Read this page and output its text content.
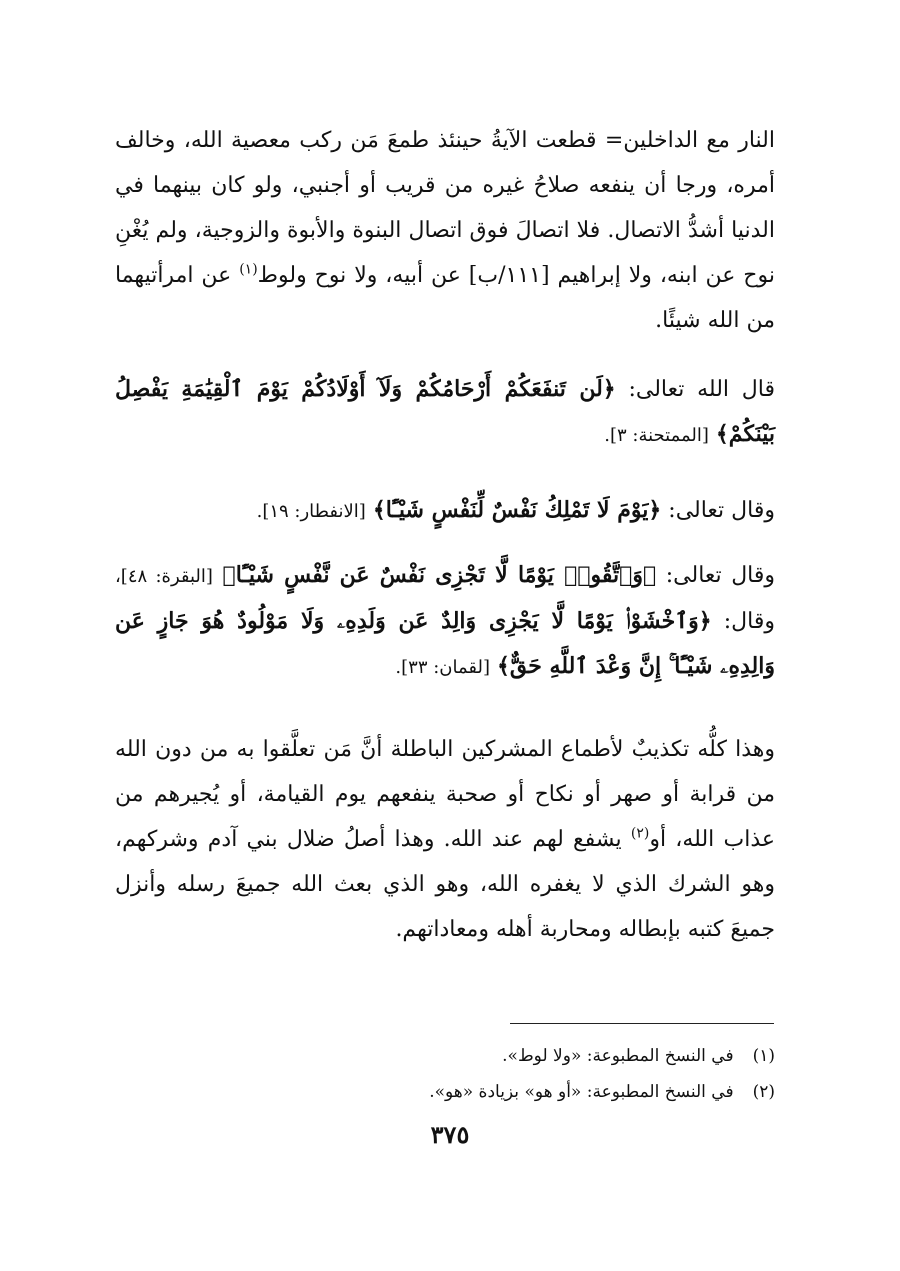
النار مع الداخلين= قطعت الآيةُ حينئذ طمعَ مَن ركب معصية الله، وخالف أمره، ورجا أن ينفعه صلاحُ غيره من قريب أو أجنبي، ولو كان بينهما في الدنيا أشدُّ الاتصال. فلا اتصالَ فوق اتصال البنوة والأبوة والزوجية، ولم يُغْنِ نوح عن ابنه، ولا إبراهيم [١١١/ب] عن أبيه، ولا نوح ولوط$^{(١)}$ عن امرأتيهما من الله شيئًا.

قال الله تعالى: ﴿لَن تَنفَعَكُمْ أَرْحَامُكُمْ وَلَآ أَوْلَادُكُمْ يَوْمَ ٱلْقِيَٰمَةِ يَفْصِلُ بَيْنَكُمْ﴾ [الممتحنة: ٣].

وقال تعالى: ﴿يَوْمَ لَا تَمْلِكُ نَفْسٌ لِّنَفْسٍ شَيْـًٔا﴾ [الانفطار: ١٩].

وقال تعالى: ﴿وَٱتَّقُوا۟ يَوْمًا لَّا تَجْزِى نَفْسٌ عَن نَّفْسٍ شَيْـًٔا﴾ [البقرة: ٤٨]، وقال: ﴿وَٱخْشَوْا۟ يَوْمًا لَّا يَجْزِى وَالِدٌ عَن وَلَدِهِۦ وَلَا مَوْلُودٌ هُوَ جَازٍ عَن وَالِدِهِۦ شَيْـًٔا ۚ إِنَّ وَعْدَ ٱللَّهِ حَقٌّ﴾ [لقمان: ٣٣].

وهذا كلُّه تكذيبٌ لأطماع المشركين الباطلة أنَّ مَن تعلَّقوا به من دون الله من قرابة أو صهر أو نكاح أو صحبة ينفعهم يوم القيامة، أو يُجيرهم من عذاب الله، أو$^{(٢)}$ يشفع لهم عند الله. وهذا أصلُ ضلال بني آدم وشركهم، وهو الشرك الذي لا يغفره الله، وهو الذي بعث الله جميعَ رسله وأنزل جميعَ كتبه بإبطاله ومحاربة أهله ومعاداتهم.

(١) في النسخ المطبوعة: «ولا لوط».
(٢) في النسخ المطبوعة: «أو هو» بزيادة «هو».
٣٧٥
